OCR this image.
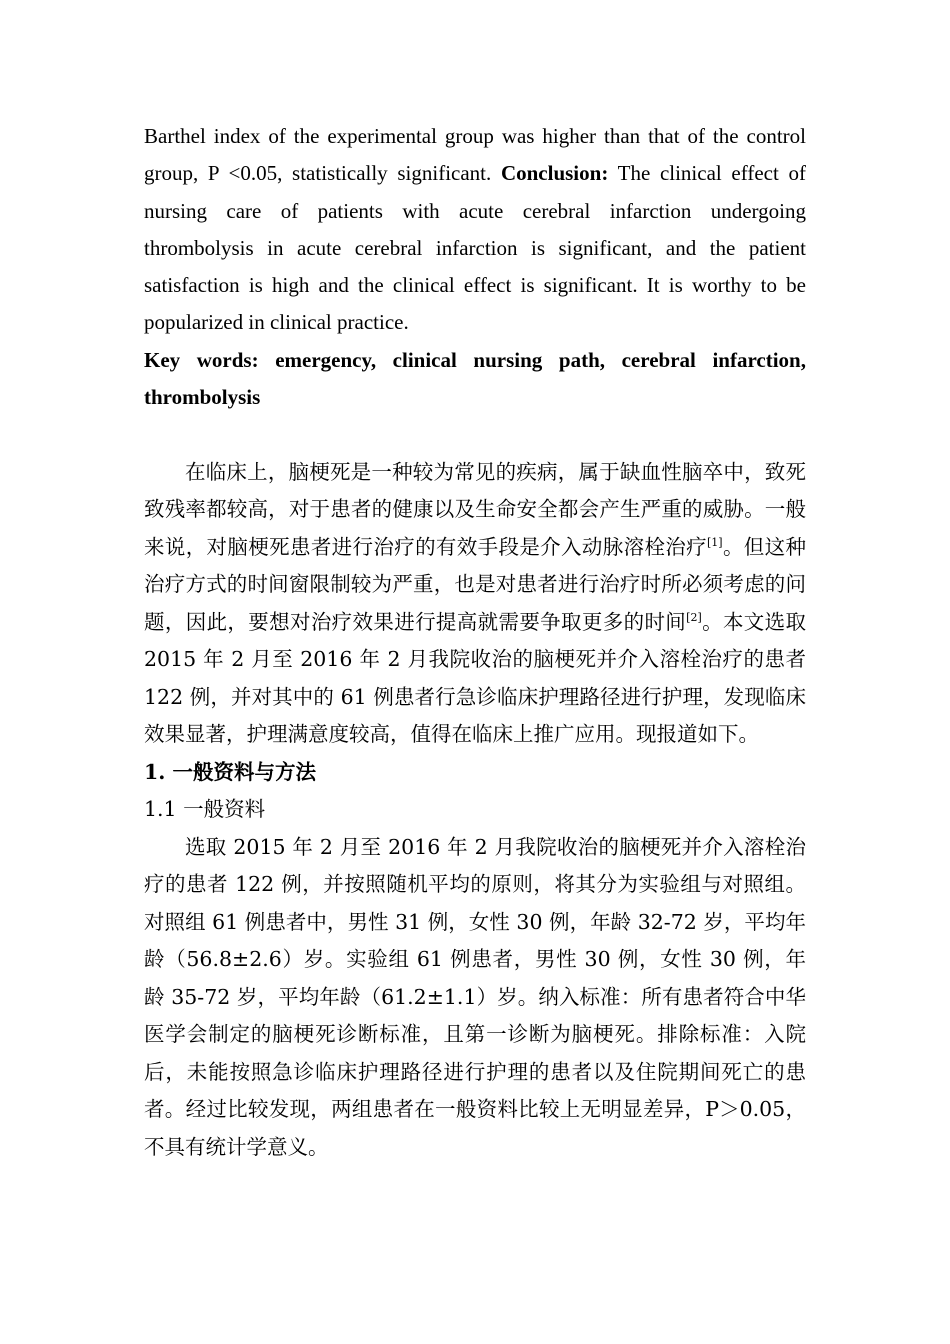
Barthel index of the experimental group was higher than that of the control group, P <0.05, statistically significant. Conclusion: The clinical effect of nursing care of patients with acute cerebral infarction undergoing thrombolysis in acute cerebral infarction is significant, and the patient satisfaction is high and the clinical effect is significant. It is worthy to be popularized in clinical practice.

Key words: emergency, clinical nursing path, cerebral infarction, thrombolysis

在临床上，脑梗死是一种较为常见的疾病，属于缺血性脑卒中，致死致残率都较高，对于患者的健康以及生命安全都会产生严重的威胁。一般来说，对脑梗死患者进行治疗的有效手段是介入动脉溶栓治疗[1]。但这种治疗方式的时间窗限制较为严重，也是对患者进行治疗时所必须考虑的问题，因此，要想对治疗效果进行提高就需要争取更多的时间[2]。本文选取 2015 年 2 月至 2016 年 2 月我院收治的脑梗死并介入溶栓治疗的患者 122 例，并对其中的 61 例患者行急诊临床护理路径进行护理，发现临床效果显著，护理满意度较高，值得在临床上推广应用。现报道如下。

1. 一般资料与方法

1.1 一般资料

选取 2015 年 2 月至 2016 年 2 月我院收治的脑梗死并介入溶栓治疗的患者 122 例，并按照随机平均的原则，将其分为实验组与对照组。对照组 61 例患者中，男性 31 例，女性 30 例，年龄 32-72 岁，平均年龄（56.8±2.6）岁。实验组 61 例患者，男性 30 例，女性 30 例，年龄 35-72 岁，平均年龄（61.2±1.1）岁。纳入标准：所有患者符合中华医学会制定的脑梗死诊断标准，且第一诊断为脑梗死。排除标准：入院后，未能按照急诊临床护理路径进行护理的患者以及住院期间死亡的患者。经过比较发现，两组患者在一般资料比较上无明显差异，P＞0.05，不具有统计学意义。
